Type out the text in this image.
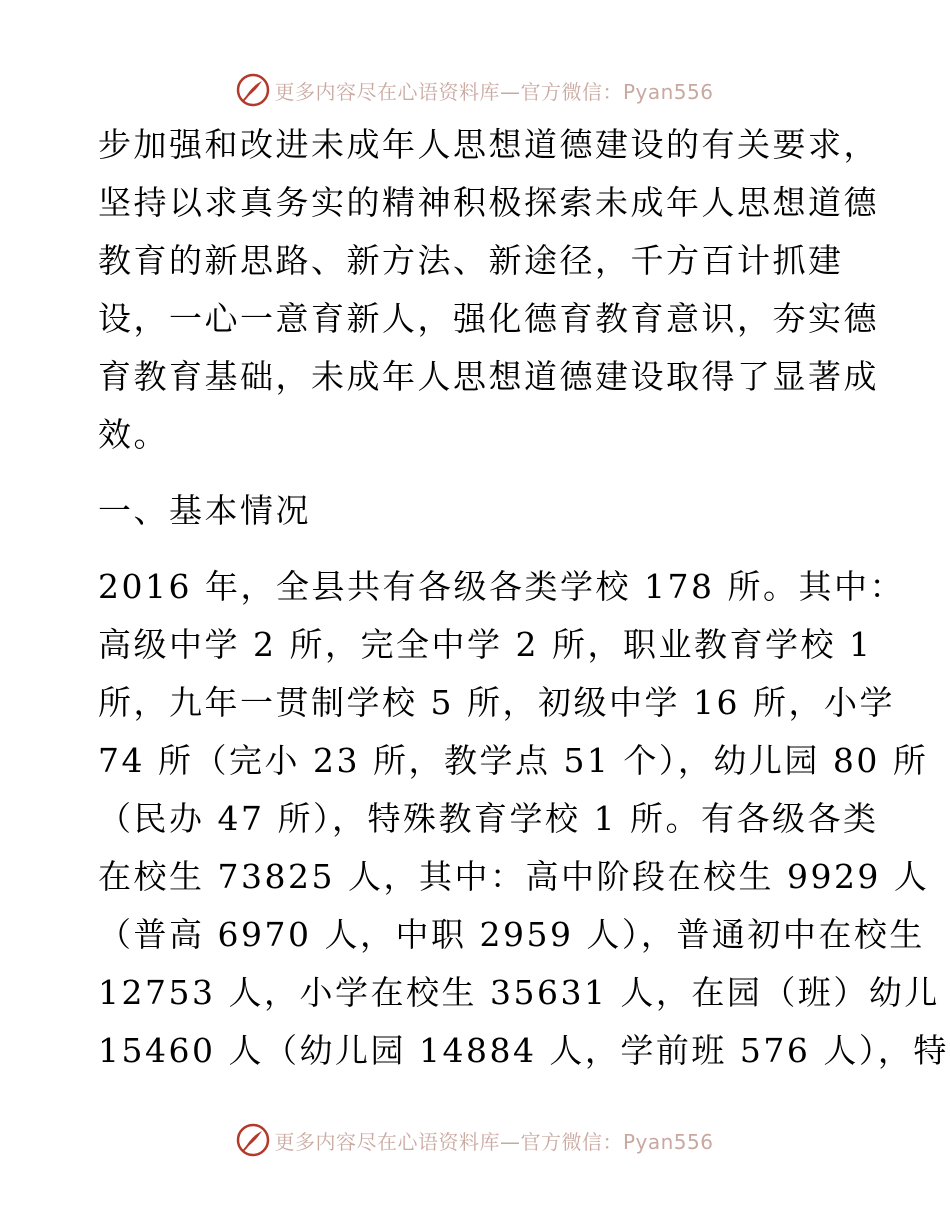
更多内容尽在心语资料库—官方微信：Pyan556
步加强和改进未成年人思想道德建设的有关要求，
坚持以求真务实的精神积极探索未成年人思想道德
教育的新思路、新方法、新途径，千方百计抓建
设，一心一意育新人，强化德育教育意识，夯实德
育教育基础，未成年人思想道德建设取得了显著成
效。
一、基本情况
2016 年，全县共有各级各类学校 178 所。其中：
高级中学 2 所，完全中学 2 所，职业教育学校 1
所，九年一贯制学校 5 所，初级中学 16 所，小学
74 所（完小 23 所，教学点 51 个），幼儿园 80 所
（民办 47 所），特殊教育学校 1 所。有各级各类
在校生 73825 人，其中：高中阶段在校生 9929 人
（普高 6970 人，中职 2959 人），普通初中在校生
12753 人，小学在校生 35631 人，在园（班）幼儿
15460 人（幼儿园 14884 人，学前班 576 人），特
更多内容尽在心语资料库—官方微信：Pyan556
